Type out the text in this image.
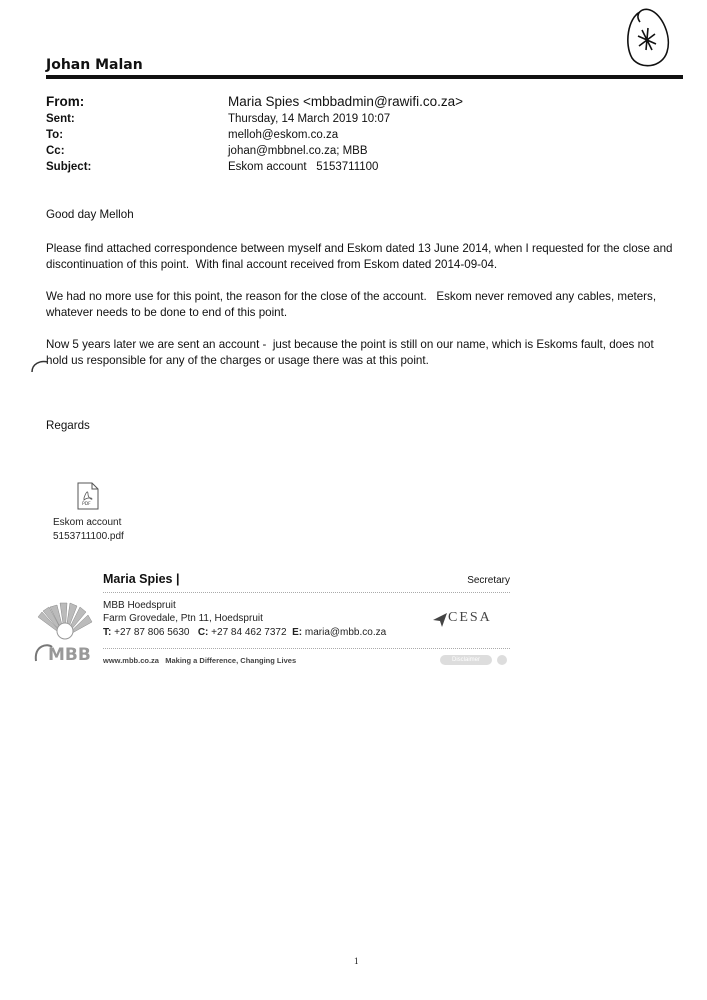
Johan Malan
From:	Maria Spies <mbbadmin@rawifi.co.za>
Sent:	Thursday, 14 March 2019 10:07
To:	melloh@eskom.co.za
Cc:	johan@mbbnel.co.za; MBB
Subject:	Eskom account   5153711100
Good day Melloh
Please find attached correspondence between myself and Eskom dated 13 June 2014, when I requested for the close and discontinuation of this point.  With final account received from Eskom dated 2014-09-04.
We had no more use for this point, the reason for the close of the account.   Eskom never removed any cables, meters, whatever needs to be done to end of this point.
Now 5 years later we are sent an account -  just because the point is still on our name, which is Eskoms fault, does not hold us responsible for any of the charges or usage there was at this point.
Regards
PDF
Eskom account
5153711100.pdf
Maria Spies |	Secretary
MBB Hoedspruit
Farm Grovedale, Ptn 11, Hoedspruit
T: +27 87 806 5630 C: +27 84 462 7372 E: maria@mbb.co.za
www.mbb.co.za Making a Difference, Changing Lives
MBB
CESA
Disclaimer
1
